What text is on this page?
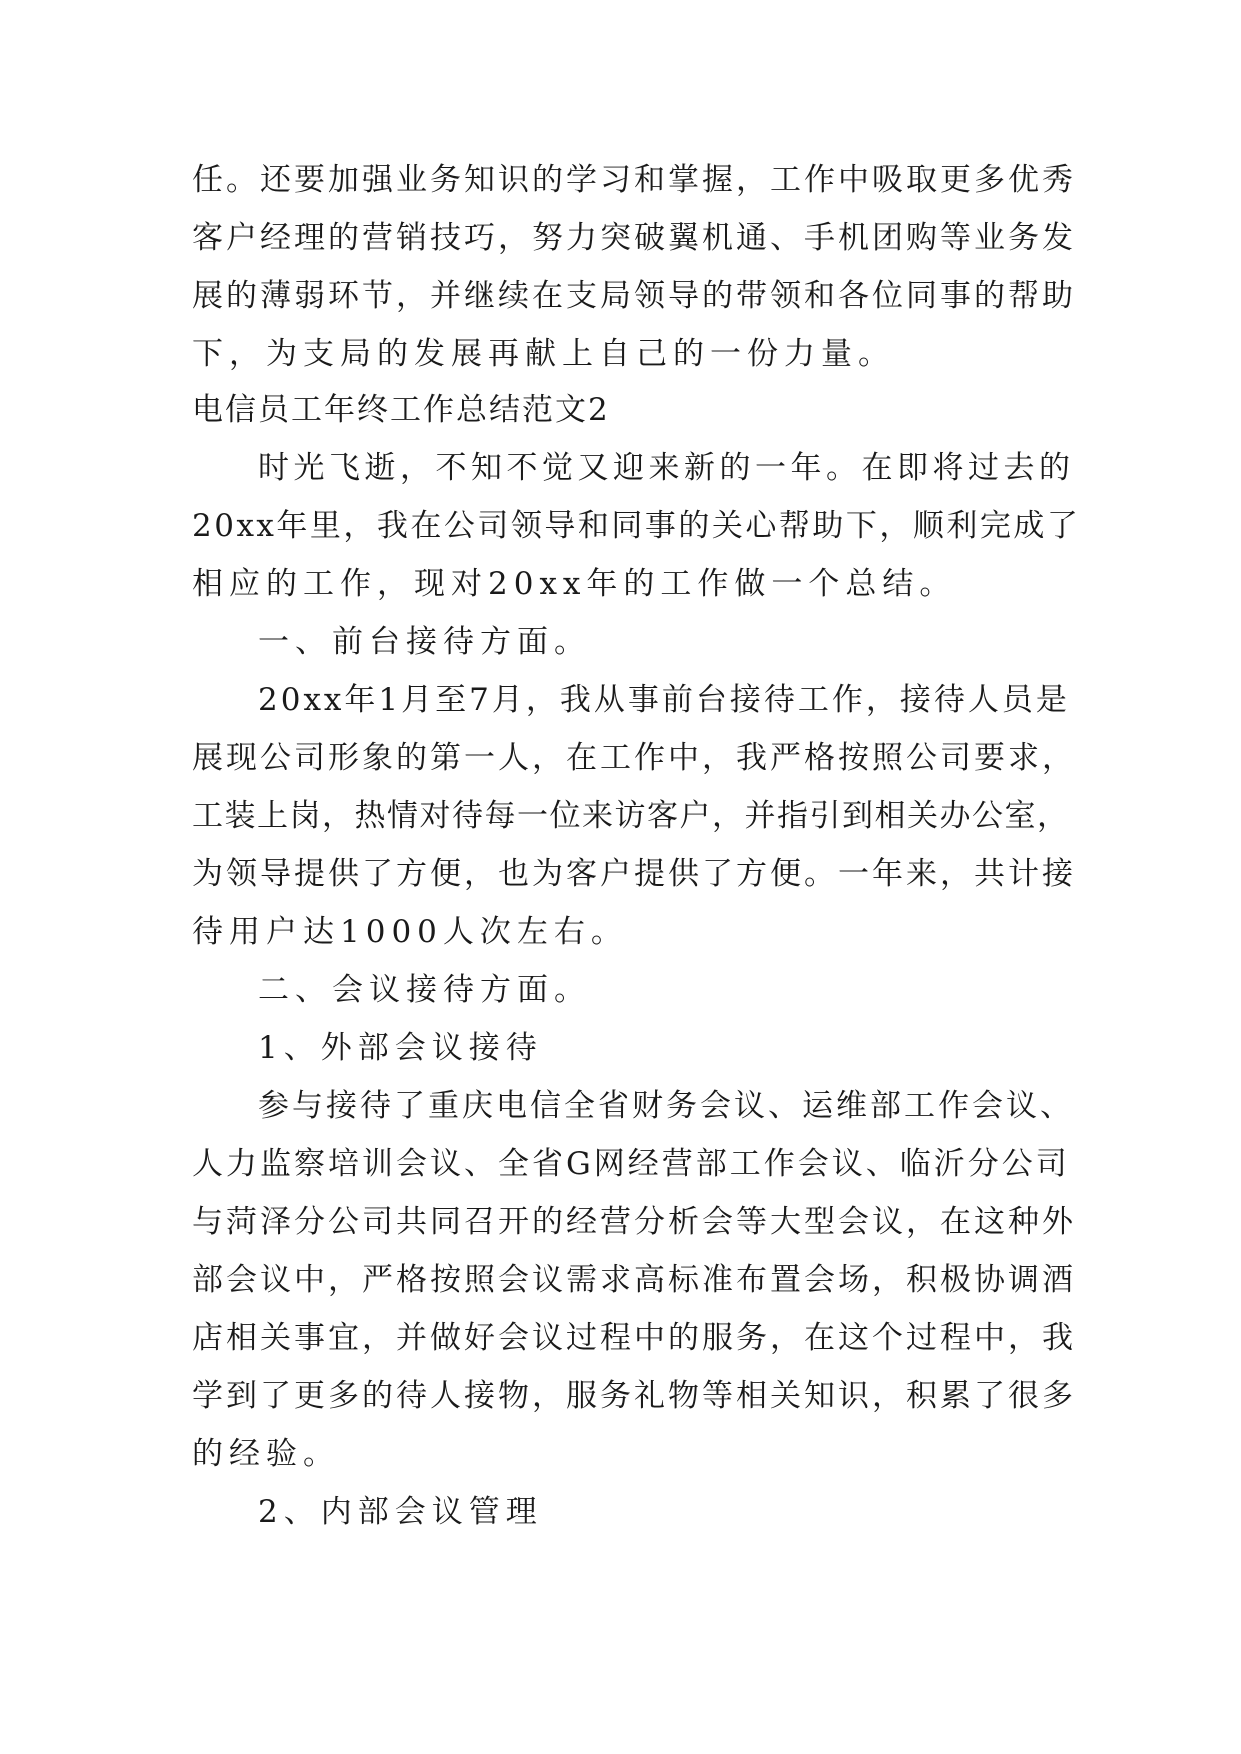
任。还要加强业务知识的学习和掌握，工作中吸取更多优秀
客户经理的营销技巧，努力突破翼机通、手机团购等业务发
展的薄弱环节，并继续在支局领导的带领和各位同事的帮助
下，为支局的发展再献上自己的一份力量。
电信员工年终工作总结范文2
时光飞逝，不知不觉又迎来新的一年。在即将过去的
20xx年里，我在公司领导和同事的关心帮助下，顺利完成了
相应的工作，现对20xx年的工作做一个总结。
一、前台接待方面。
20xx年1月至7月，我从事前台接待工作，接待人员是
展现公司形象的第一人，在工作中，我严格按照公司要求，
工装上岗，热情对待每一位来访客户，并指引到相关办公室，
为领导提供了方便，也为客户提供了方便。一年来，共计接
待用户达1000人次左右。
二、会议接待方面。
1、外部会议接待
参与接待了重庆电信全省财务会议、运维部工作会议、
人力监察培训会议、全省G网经营部工作会议、临沂分公司
与菏泽分公司共同召开的经营分析会等大型会议，在这种外
部会议中，严格按照会议需求高标准布置会场，积极协调酒
店相关事宜，并做好会议过程中的服务，在这个过程中，我
学到了更多的待人接物，服务礼物等相关知识，积累了很多
的经验。
2、内部会议管理
